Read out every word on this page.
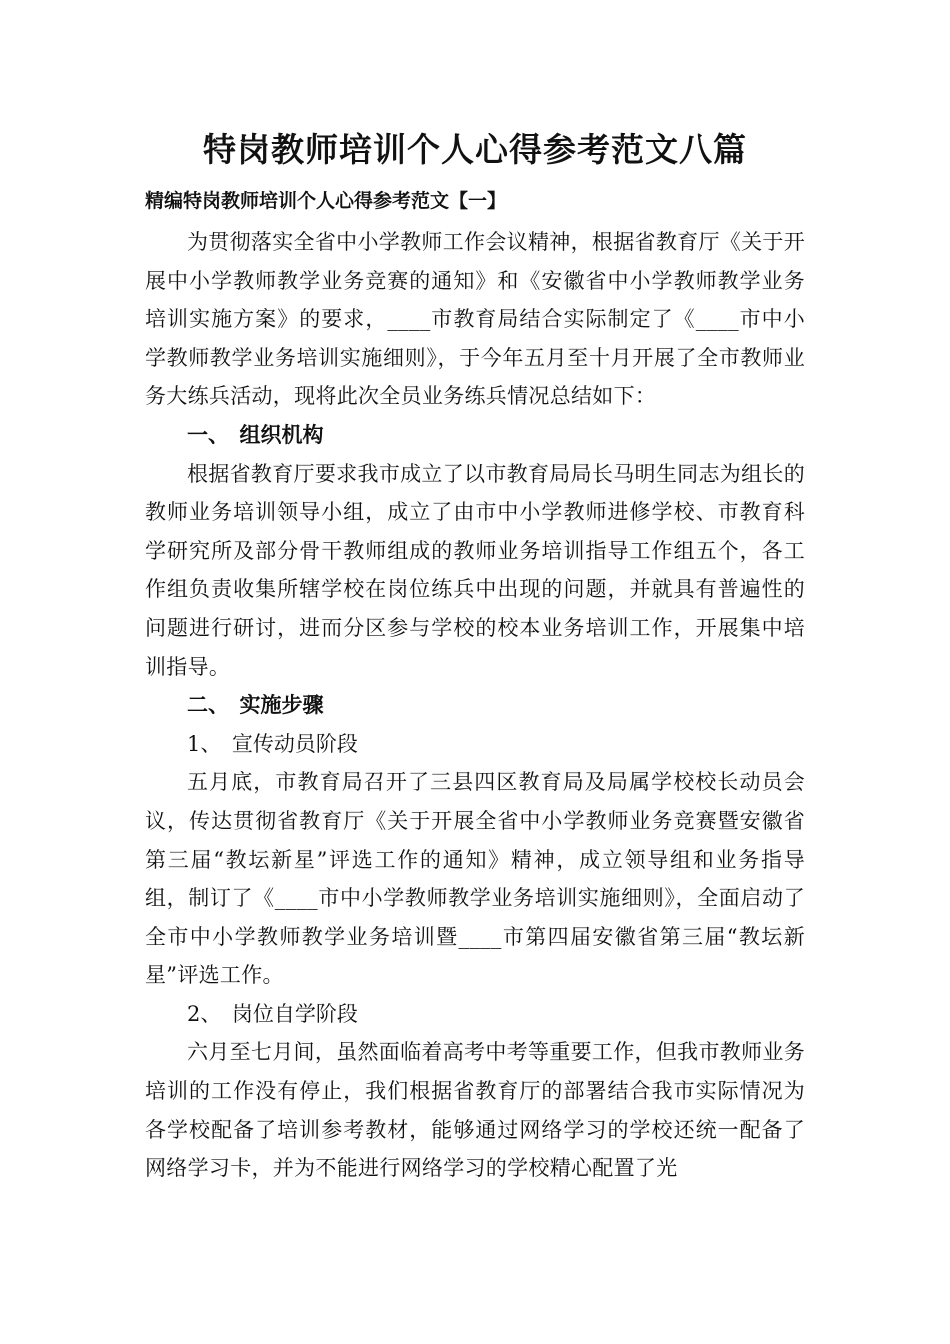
特岗教师培训个人心得参考范文八篇
精编特岗教师培训个人心得参考范文【一】

为贯彻落实全省中小学教师工作会议精神，根据省教育厅《关于开展中小学教师教学业务竞赛的通知》和《安徽省中小学教师教学业务培训实施方案》的要求，____市教育局结合实际制定了《____市中小学教师教学业务培训实施细则》，于今年五月至十月开展了全市教师业务大练兵活动，现将此次全员业务练兵情况总结如下：

一、　组织机构

根据省教育厅要求我市成立了以市教育局局长马明生同志为组长的教师业务培训领导小组，成立了由市中小学教师进修学校、市教育科学研究所及部分骨干教师组成的教师业务培训指导工作组五个，各工作组负责收集所辖学校在岗位练兵中出现的问题，并就具有普遍性的问题进行研讨，进而分区参与学校的校本业务培训工作，开展集中培训指导。

二、　实施步骤

1、　宣传动员阶段

五月底，市教育局召开了三县四区教育局及局属学校校长动员会议，传达贯彻省教育厅《关于开展全省中小学教师业务竞赛暨安徽省第三届“教坛新星”评选工作的通知》精神，成立领导组和业务指导组，制订了《____市中小学教师教学业务培训实施细则》，全面启动了全市中小学教师教学业务培训暨____市第四届安徽省第三届“教坛新星”评选工作。

2、　岗位自学阶段

六月至七月间，虽然面临着高考中考等重要工作，但我市教师业务培训的工作没有停止，我们根据省教育厅的部署结合我市实际情况为各学校配备了培训参考教材，能够通过网络学习的学校还统一配备了网络学习卡，并为不能进行网络学习的学校精心配置了光
